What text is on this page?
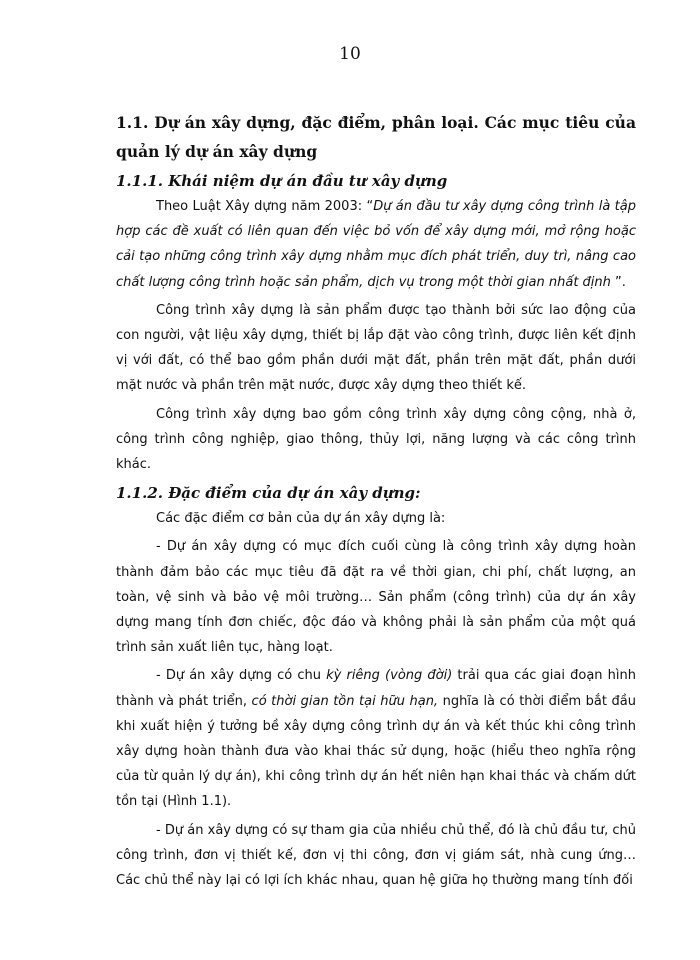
10
1.1. Dự án xây dựng, đặc điểm, phân loại. Các mục tiêu của quản lý dự án xây dựng
1.1.1. Khái niệm dự án đầu tư xây dựng

Theo Luật Xây dựng năm 2003: “Dự án đầu tư xây dựng công trình là tập hợp các đề xuất có liên quan đến việc bỏ vốn để xây dựng mới, mở rộng hoặc cải tạo những công trình xây dựng nhằm mục đích phát triển, duy trì, nâng cao chất lượng công trình hoặc sản phẩm, dịch vụ trong một thời gian nhất định ”.

Công trình xây dựng là sản phẩm được tạo thành bởi sức lao động của con người, vật liệu xây dựng, thiết bị lắp đặt vào công trình, được liên kết định vị với đất, có thể bao gồm phần dưới mặt đất, phần trên mặt đất, phần dưới mặt nước và phần trên mặt nước, được xây dựng theo thiết kế.

Công trình xây dựng bao gồm công trình xây dựng công cộng, nhà ở, công trình công nghiệp, giao thông, thủy lợi, năng lượng và các công trình khác.

1.1.2. Đặc điểm của dự án xây dựng:

Các đặc điểm cơ bản của dự án xây dựng là:

- Dự án xây dựng có mục đích cuối cùng là công trình xây dựng hoàn thành đảm bảo các mục tiêu đã đặt ra về thời gian, chi phí, chất lượng, an toàn, vệ sinh và bảo vệ môi trường… Sản phẩm (công trình) của dự án xây dựng mang tính đơn chiếc, độc đáo và không phải là sản phẩm của một quá trình sản xuất liên tục, hàng loạt.

- Dự án xây dựng có chu kỳ riêng (vòng đời) trải qua các giai đoạn hình thành và phát triển, có thời gian tồn tại hữu hạn, nghĩa là có thời điểm bắt đầu khi xuất hiện ý tưởng bề xây dựng công trình dự án và kết thúc khi công trình xây dựng hoàn thành đưa vào khai thác sử dụng, hoặc (hiểu theo nghĩa rộng của từ quản lý dự án), khi công trình dự án hết niên hạn khai thác và chấm dứt tồn tại (Hình 1.1).

- Dự án xây dựng có sự tham gia của nhiều chủ thể, đó là chủ đầu tư, chủ công trình, đơn vị thiết kế, đơn vị thi công, đơn vị giám sát, nhà cung ứng… Các chủ thể này lại có lợi ích khác nhau, quan hệ giữa họ thường mang tính đối
